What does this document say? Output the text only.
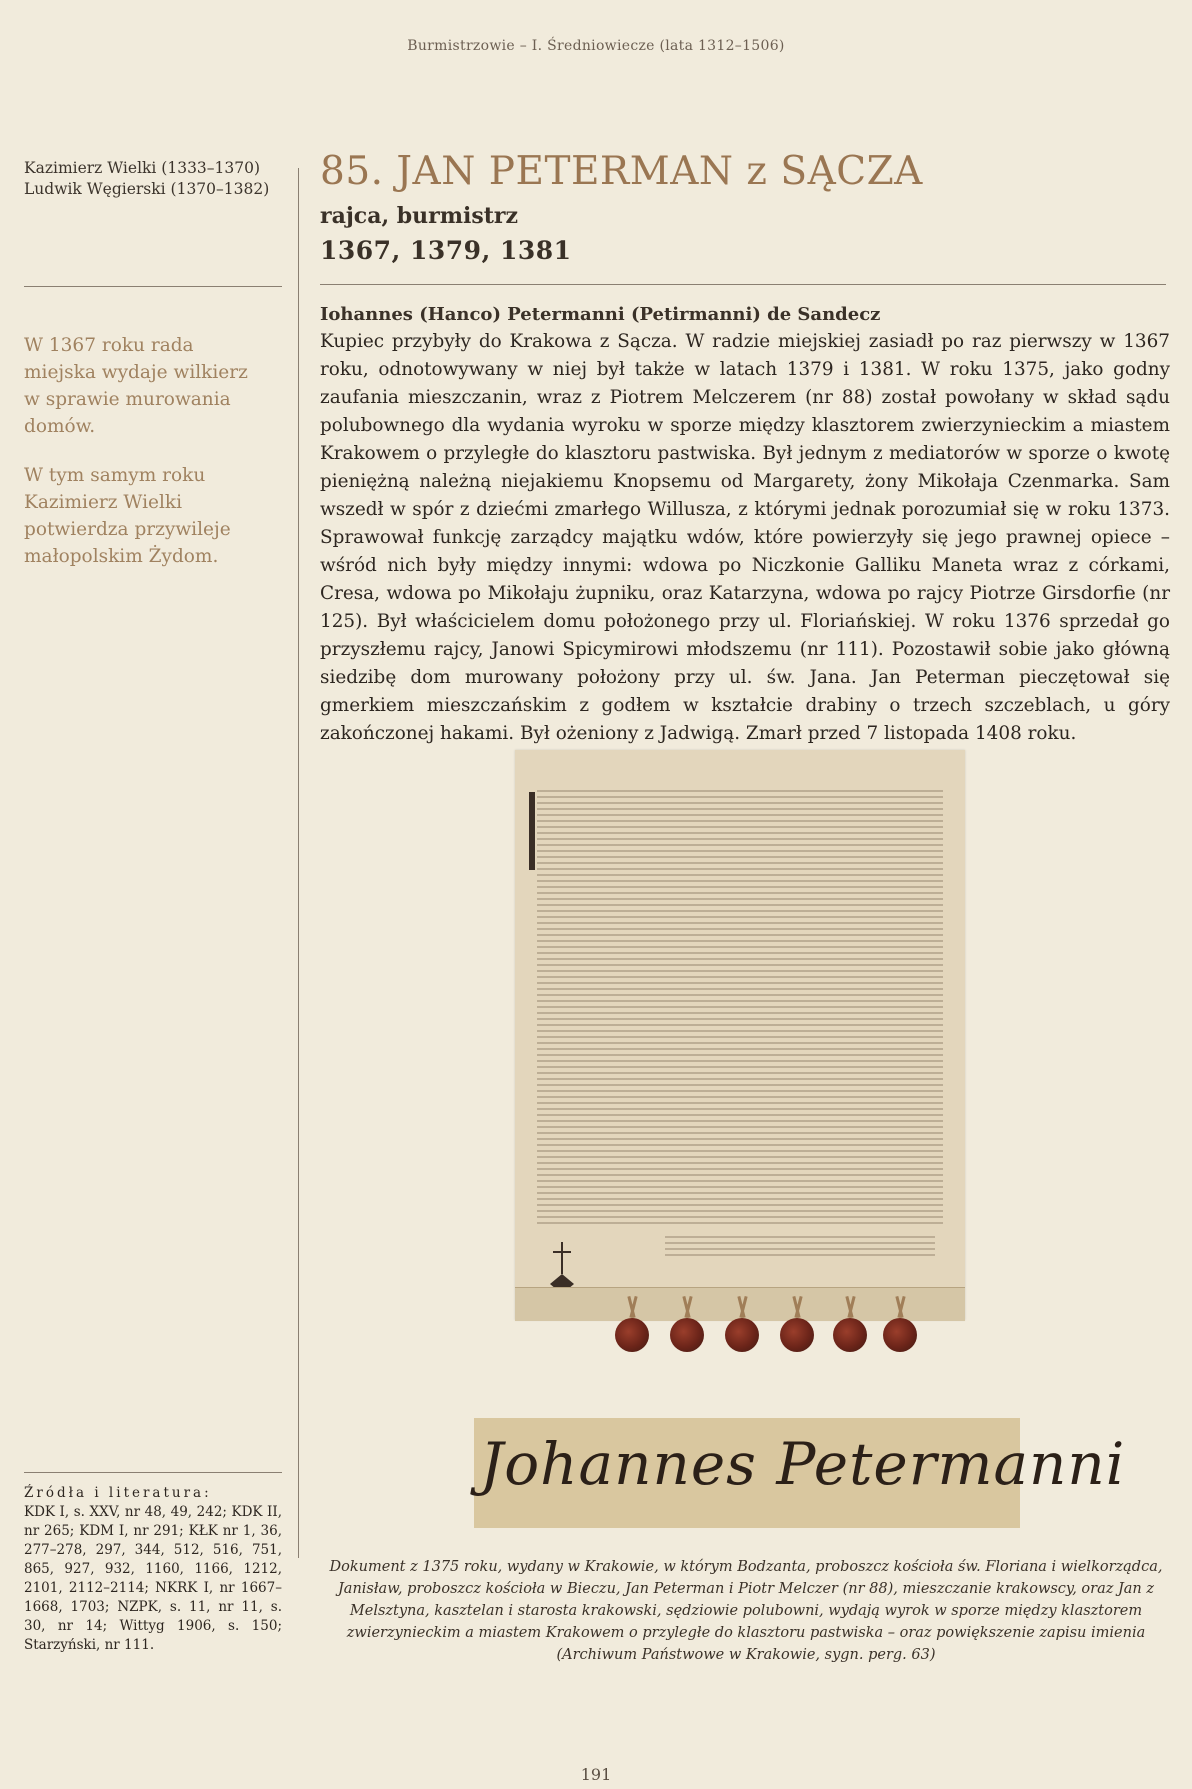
Burmistrzowie – I. Średniowiecze (lata 1312–1506)
Kazimierz Wielki (1333–1370)
Ludwik Węgierski (1370–1382)

W 1367 roku rada miejska wydaje wilkierz w sprawie murowania domów.

W tym samym roku Kazimierz Wielki potwierdza przywileje małopolskim Żydom.

Źródła i literatura:
KDK I, s. XXV, nr 48, 49, 242; KDK II, nr 265; KDM I, nr 291; KŁK nr 1, 36, 277–278, 297, 344, 512, 516, 751, 865, 927, 932, 1160, 1166, 1212, 2101, 2112–2114; NKRK I, nr 1667–1668, 1703; NZPK, s. 11, nr 11, s. 30, nr 14; Wittyg 1906, s. 150; Starzyński, nr 111.
85. JAN PETERMAN z SĄCZA
rajca, burmistrz
1367, 1379, 1381
Iohannes (Hanco) Petermanni (Petirmanni) de Sandecz

Kupiec przybyły do Krakowa z Sącza. W radzie miejskiej zasiadł po raz pierwszy w 1367 roku, odnotowywany w niej był także w latach 1379 i 1381. W roku 1375, jako godny zaufania mieszczanin, wraz z Piotrem Melczerem (nr 88) został powołany w skład sądu polubownego dla wydania wyroku w sporze między klasztorem zwierzynieckim a miastem Krakowem o przyległe do klasztoru pastwiska. Był jednym z mediatorów w sporze o kwotę pieniężną należną niejakiemu Knopsemu od Margarety, żony Mikołaja Czenmarka. Sam wszedł w spór z dziećmi zmarłego Willusza, z którymi jednak porozumiał się w roku 1373. Sprawował funkcję zarządcy majątku wdów, które powierzyły się jego prawnej opiece – wśród nich były między innymi: wdowa po Niczkonie Galliku Maneta wraz z córkami, Cresa, wdowa po Mikołaju żupniku, oraz Katarzyna, wdowa po rajcy Piotrze Girsdorfie (nr 125). Był właścicielem domu położonego przy ul. Floriańskiej. W roku 1376 sprzedał go przyszłemu rajcy, Janowi Spicymirowi młodszemu (nr 111). Pozostawił sobie jako główną siedzibę dom murowany położony przy ul. św. Jana. Jan Peterman pieczętował się gmerkiem mieszczańskim z godłem w kształcie drabiny o trzech szczeblach, u góry zakończonej hakami. Był ożeniony z Jadwigą. Zmarł przed 7 listopada 1408 roku.

Johannes Petermanni

Dokument z 1375 roku, wydany w Krakowie, w którym Bodzanta, proboszcz kościoła św. Floriana i wielkorządca, Janisław, proboszcz kościoła w Bieczu, Jan Peterman i Piotr Melczer (nr 88), mieszczanie krakowscy, oraz Jan z Melsztyna, kasztelan i starosta krakowski, sędziowie polubowni, wydają wyrok w sporze między klasztorem zwierzynieckim a miastem Krakowem o przyległe do klasztoru pastwiska – oraz powiększenie zapisu imienia (Archiwum Państwowe w Krakowie, sygn. perg. 63)

191
